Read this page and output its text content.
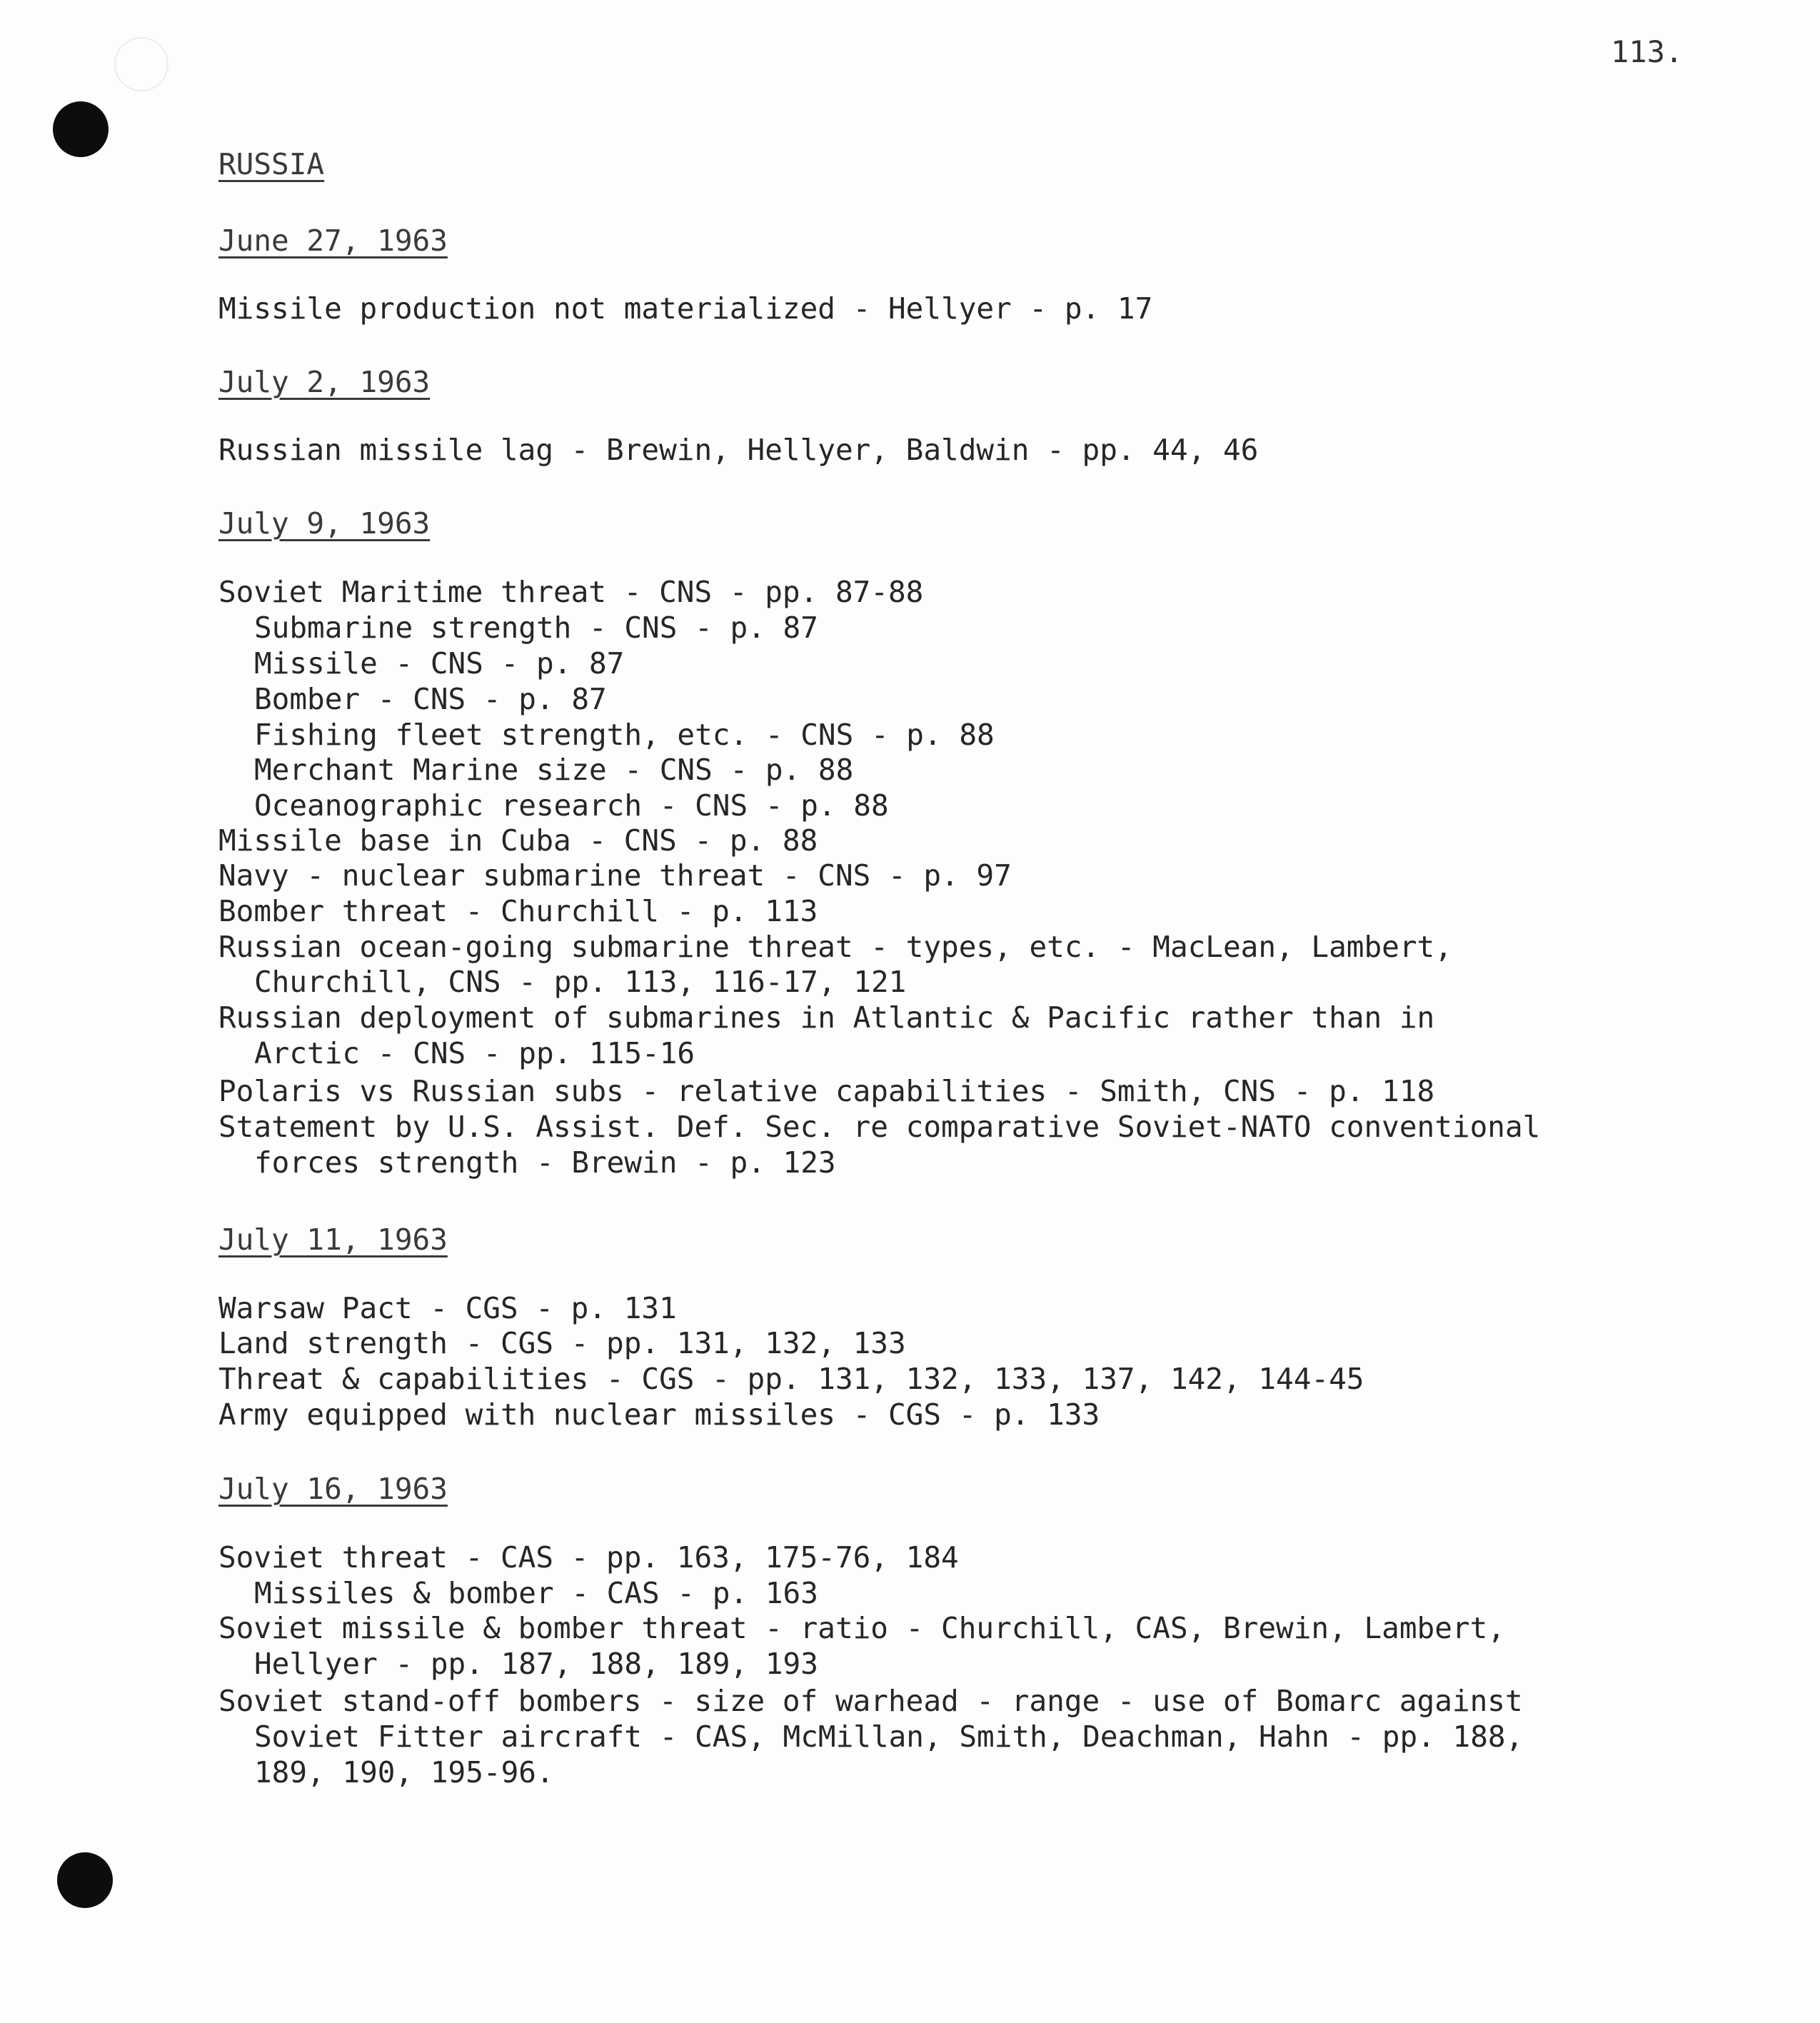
113.
RUSSIA
June 27, 1963
Missile production not materialized - Hellyer - p. 17
July 2, 1963
Russian missile lag - Brewin, Hellyer, Baldwin - pp. 44, 46
July 9, 1963
Soviet Maritime threat - CNS - pp. 87-88
Submarine strength - CNS - p. 87
Missile - CNS - p. 87
Bomber - CNS - p. 87
Fishing fleet strength, etc. - CNS - p. 88
Merchant Marine size - CNS - p. 88
Oceanographic research - CNS - p. 88
Missile base in Cuba - CNS - p. 88
Navy - nuclear submarine threat - CNS - p. 97
Bomber threat - Churchill - p. 113
Russian ocean-going submarine threat - types, etc. - MacLean, Lambert,
Churchill, CNS - pp. 113, 116-17, 121
Russian deployment of submarines in Atlantic & Pacific rather than in
Arctic - CNS - pp. 115-16
Polaris vs Russian subs - relative capabilities - Smith, CNS - p. 118
Statement by U.S. Assist. Def. Sec. re comparative Soviet-NATO conventional
forces strength - Brewin - p. 123
July 11, 1963
Warsaw Pact - CGS - p. 131
Land strength - CGS - pp. 131, 132, 133
Threat & capabilities - CGS - pp. 131, 132, 133, 137, 142, 144-45
Army equipped with nuclear missiles - CGS - p. 133
July 16, 1963
Soviet threat - CAS - pp. 163, 175-76, 184
Missiles & bomber - CAS - p. 163
Soviet missile & bomber threat - ratio - Churchill, CAS, Brewin, Lambert,
Hellyer - pp. 187, 188, 189, 193
Soviet stand-off bombers - size of warhead - range - use of Bomarc against
Soviet Fitter aircraft - CAS, McMillan, Smith, Deachman, Hahn - pp. 188,
189, 190, 195-96.
